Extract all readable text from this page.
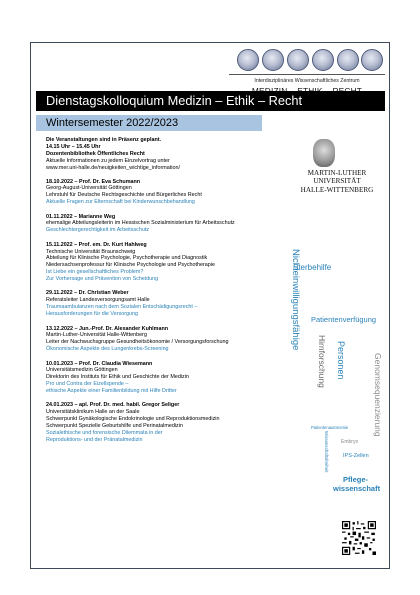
Interdisziplinäres Wissenschaftliches Zentrum
Dienstagskolloquium Medizin – Ethik – Recht
Wintersemester 2022/2023
Die Veranstaltungen sind in Präsenz geplant.
14.15 Uhr – 15.45 Uhr
Dozentenbibliothek Öffentliches Recht
Aktuelle Informationen zu jedem Einzelvortrag unter
www.mer.uni-halle.de/neuigkeiten_wichtige_information/
18.10.2022 – Prof. Dr. Eva Schumann
Georg-August-Universität Göttingen
Lehrstuhl für Deutsche Rechtsgeschichte und Bürgerliches Recht
Aktuelle Fragen zur Elternschaft bei Kinderwunschbehandlung
01.11.2022 – Marianne Weg
ehemalige Abteilungsleiterin im Hessischen Sozialministerium für Arbeitsschutz
Geschlechtergerechtigkeit im Arbeitsschutz
15.11.2022 – Prof. em. Dr. Kurt Hahlweg
Technische Universität Braunschweig
Abteilung für Klinische Psychologie, Psychotherapie und Diagnostik
Niedersachsenprofessur für Klinische Psychologie und Psychotherapie
Ist Liebe ein gesellschaftliches Problem?
Zur Vorhersage und Prävention von Scheidung
29.11.2022 – Dr. Christian Weber
Referatsleiter Landesversorgungsamt Halle
Traumaambulanzen nach dem Sozialen Entschädigungsrecht –
Herausforderungen für die Versorgung
13.12.2022 – Jun.-Prof. Dr. Alexander Kuhlmann
Martin-Luther-Universität Halle-Wittenberg
Leiter der Nachwuchsgruppe Gesundheitsökonomie / Versorgungsforschung
Ökonomische Aspekte des Lungenkrebs-Screening
10.01.2023 – Prof. Dr. Claudia Wiesemann
Universitätsmedizin Göttingen
Direktorin des Instituts für Ethik und Geschichte der Medizin
Pro und Contra der Eizellspende –
ethische Aspekte einer Familienbildung mit Hilfe Dritter
24.01.2023 – apl. Prof. Dr. med. habil. Gregor Seliger
Universitätsklinikum Halle an der Saale
Schwerpunkt Gynäkologische Endokrinologie und Reproduktionsmedizin
Schwerpunkt Spezielle Geburtshilfe und Perinatalmedizin
Sozialethische und forensische Dilemmata in der
Reproduktions- und der Pränatalmedizin
MARTIN-LUTHER
UNIVERSITÄT
HALLE-WITTENBERG
Sterbehilfe
Nichteinwilligungsfähige Patientenverfügung
Hirnforschung Personen	Genomsequenzierung
Patientenautonomie
Wissenschaftsfreiheit Embryo
IPS-Zellen
Pflege-
wissenschaft
